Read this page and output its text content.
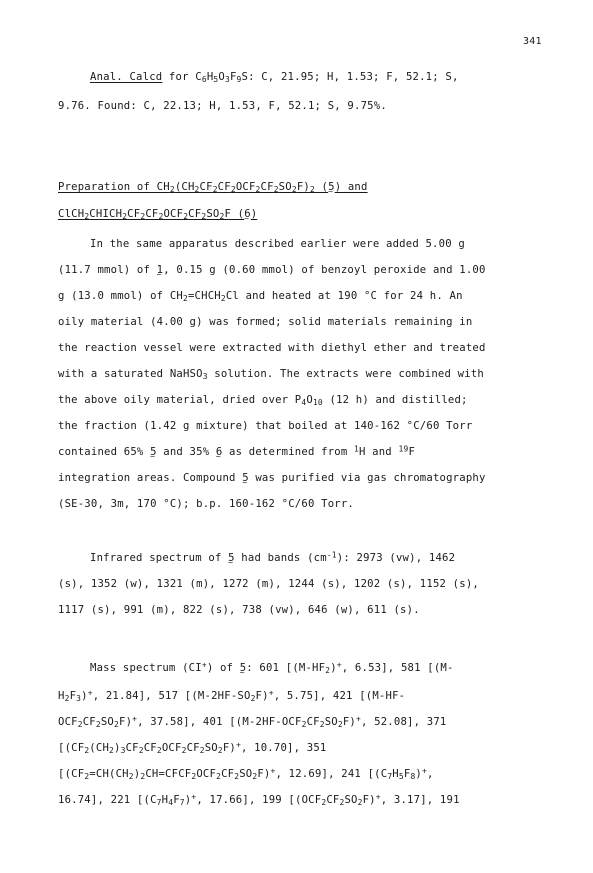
341
Anal. Calcd for $C_6H_5O_3F_9S$: C, 21.95; H, 1.53; F, 52.1; S,
9.76. Found: C, 22.13; H, 1.53, F, 52.1; S, 9.75%.
Preparation of $CH_2(CH_2CF_2CF_2OCF_2CF_2SO_2F)_2$ (5 ~) and
$ClCH_2CHICH_2CF_2CF_2OCF_2CF_2SO_2F$ (6 ~)
In the same apparatus described earlier were added 5.00 g
(11.7 mmol) of 1 ~, 0.15 g (0.60 mmol) of benzoyl peroxide and 1.00
g (13.0 mmol) of $CH_2=CHCH_2Cl$ and heated at 190 °C for 24 h. An
oily material (4.00 g) was formed; solid materials remaining in
the reaction vessel were extracted with diethyl ether and treated
with a saturated NaHSO$_3$ solution. The extracts were combined with
the above oily material, dried over $P_4O_{10}$ (12 h) and distilled;
the fraction (1.42 g mixture) that boiled at 140-162 °C/60 Torr
contained 65% 5 ~ and 35% 6 ~ as determined from $^1$H and $^{19}$F
integration areas. Compound 5 ~ was purified via gas chromatography
(SE-30, 3m, 170 °C); b.p. 160-162 °C/60 Torr.
Infrared spectrum of 5 ~ had bands $(cm^{-1})$: 2973 (vw), 1462
(s), 1352 (w), 1321 (m), 1272 (m), 1244 (s), 1202 (s), 1152 (s),
1117 (s), 991 (m), 822 (s), 738 (vw), 646 (w), 611 (s).
Mass spectrum (CI+) of 5 ~: 601 [$(M-HF_2)^+$, 6.53], 581 [(M-
$H_2F_3)^+$, 21.84], 517 [$(M-2HF-SO_2F)^+$, 5.75], 421 [(M-HF-
$OCF_2CF_2SO_2F)^+$, 37.58], 401 [$(M-2HF-OCF_2CF_2SO_2F)^+$, 52.08], 371
[$(CF_2(CH_2)_3CF_2CF_2OCF_2CF_2SO_2F)^+$, 10.70], 351
[$(CF_2=CH(CH_2)_2CH=CFCF_2OCF_2CF_2SO_2F)^+$, 12.69], 241 [$(C_7H_5F_8)^+$,
16.74], 221 [$(C_7H_4F_7)^+$, 17.66], 199 [$(OCF_2CF_2SO_2F)^+$, 3.17], 191
